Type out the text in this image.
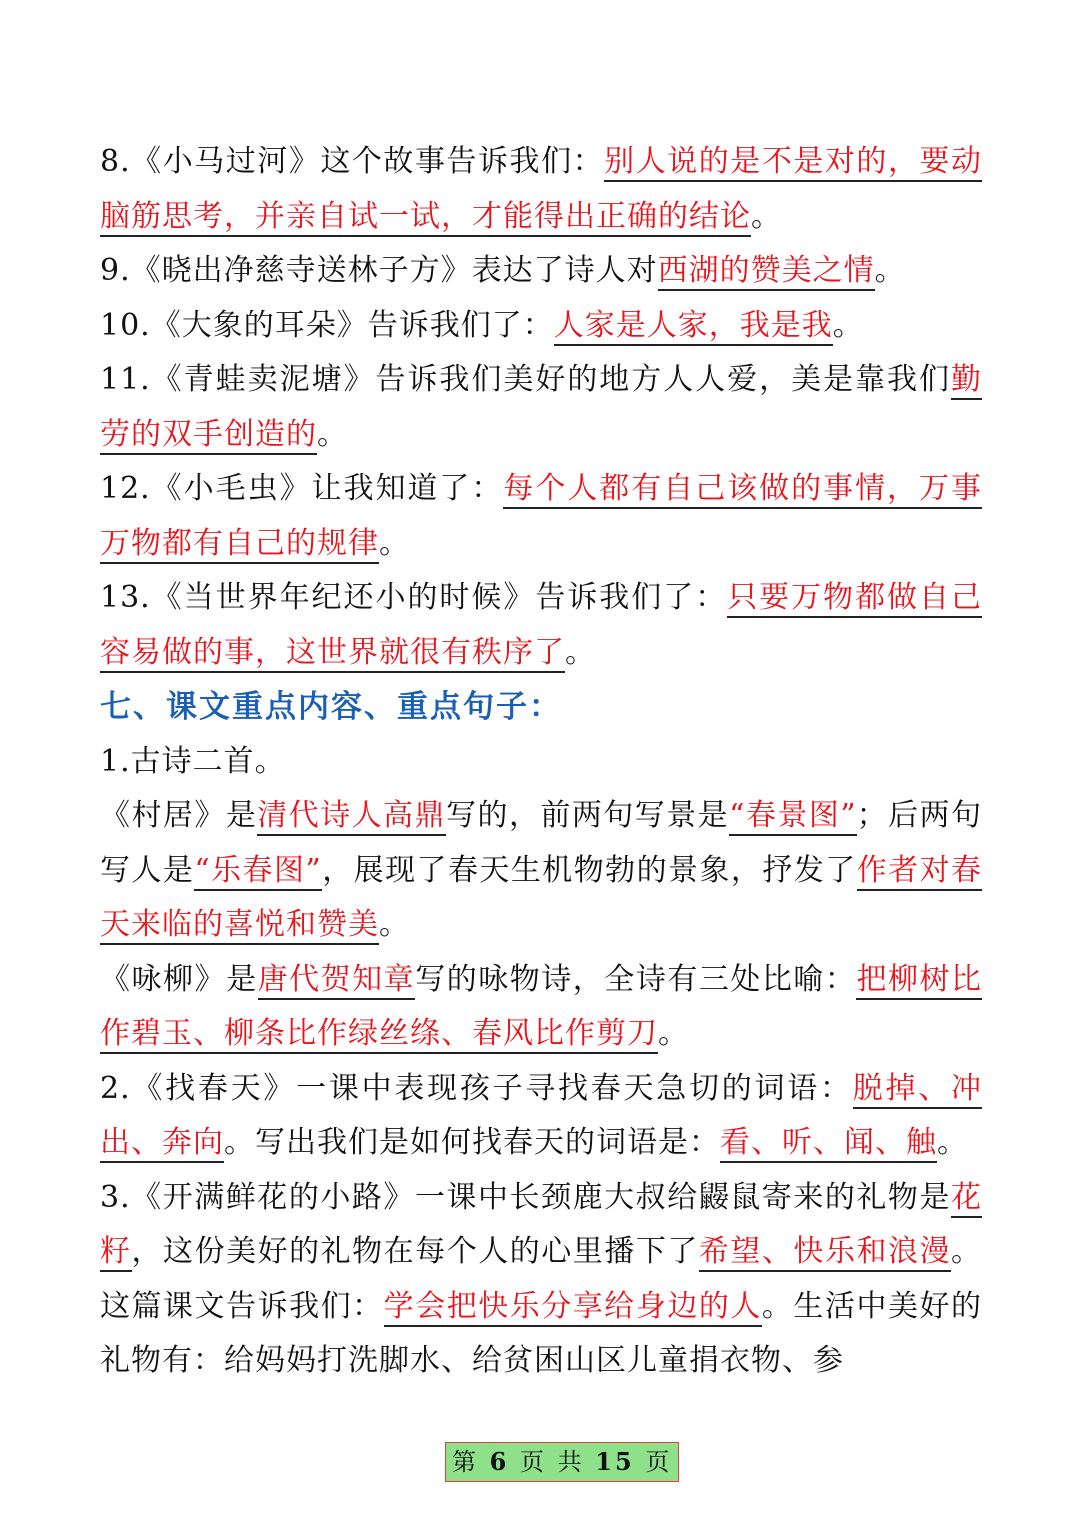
8.《小马过河》这个故事告诉我们：别人说的是不是对的，要动脑筋思考，并亲自试一试，才能得出正确的结论。

9.《晓出净慈寺送林子方》表达了诗人对西湖的赞美之情。

10.《大象的耳朵》告诉我们了：人家是人家，我是我。

11.《青蛙卖泥塘》告诉我们美好的地方人人爱，美是靠我们勤劳的双手创造的。

12.《小毛虫》让我知道了：每个人都有自己该做的事情，万事万物都有自己的规律。

13.《当世界年纪还小的时候》告诉我们了：只要万物都做自己容易做的事，这世界就很有秩序了。

七、课文重点内容、重点句子：

1.古诗二首。

《村居》是清代诗人高鼎写的，前两句写景是“春景图”；后两句写人是“乐春图”，展现了春天生机物勃的景象，抒发了作者对春天来临的喜悦和赞美。

《咏柳》是唐代贺知章写的咏物诗，全诗有三处比喻：把柳树比作碧玉、柳条比作绿丝绦、春风比作剪刀。

2.《找春天》一课中表现孩子寻找春天急切的词语：脱掉、冲出、奔向。写出我们是如何找春天的词语是：看、听、闻、触。

3.《开满鲜花的小路》一课中长颈鹿大叔给鼹鼠寄来的礼物是花籽，这份美好的礼物在每个人的心里播下了希望、快乐和浪漫。这篇课文告诉我们：学会把快乐分享给身边的人。生活中美好的礼物有：给妈妈打洗脚水、给贫困山区儿童捐衣物、参

第 6 页 共 15 页
